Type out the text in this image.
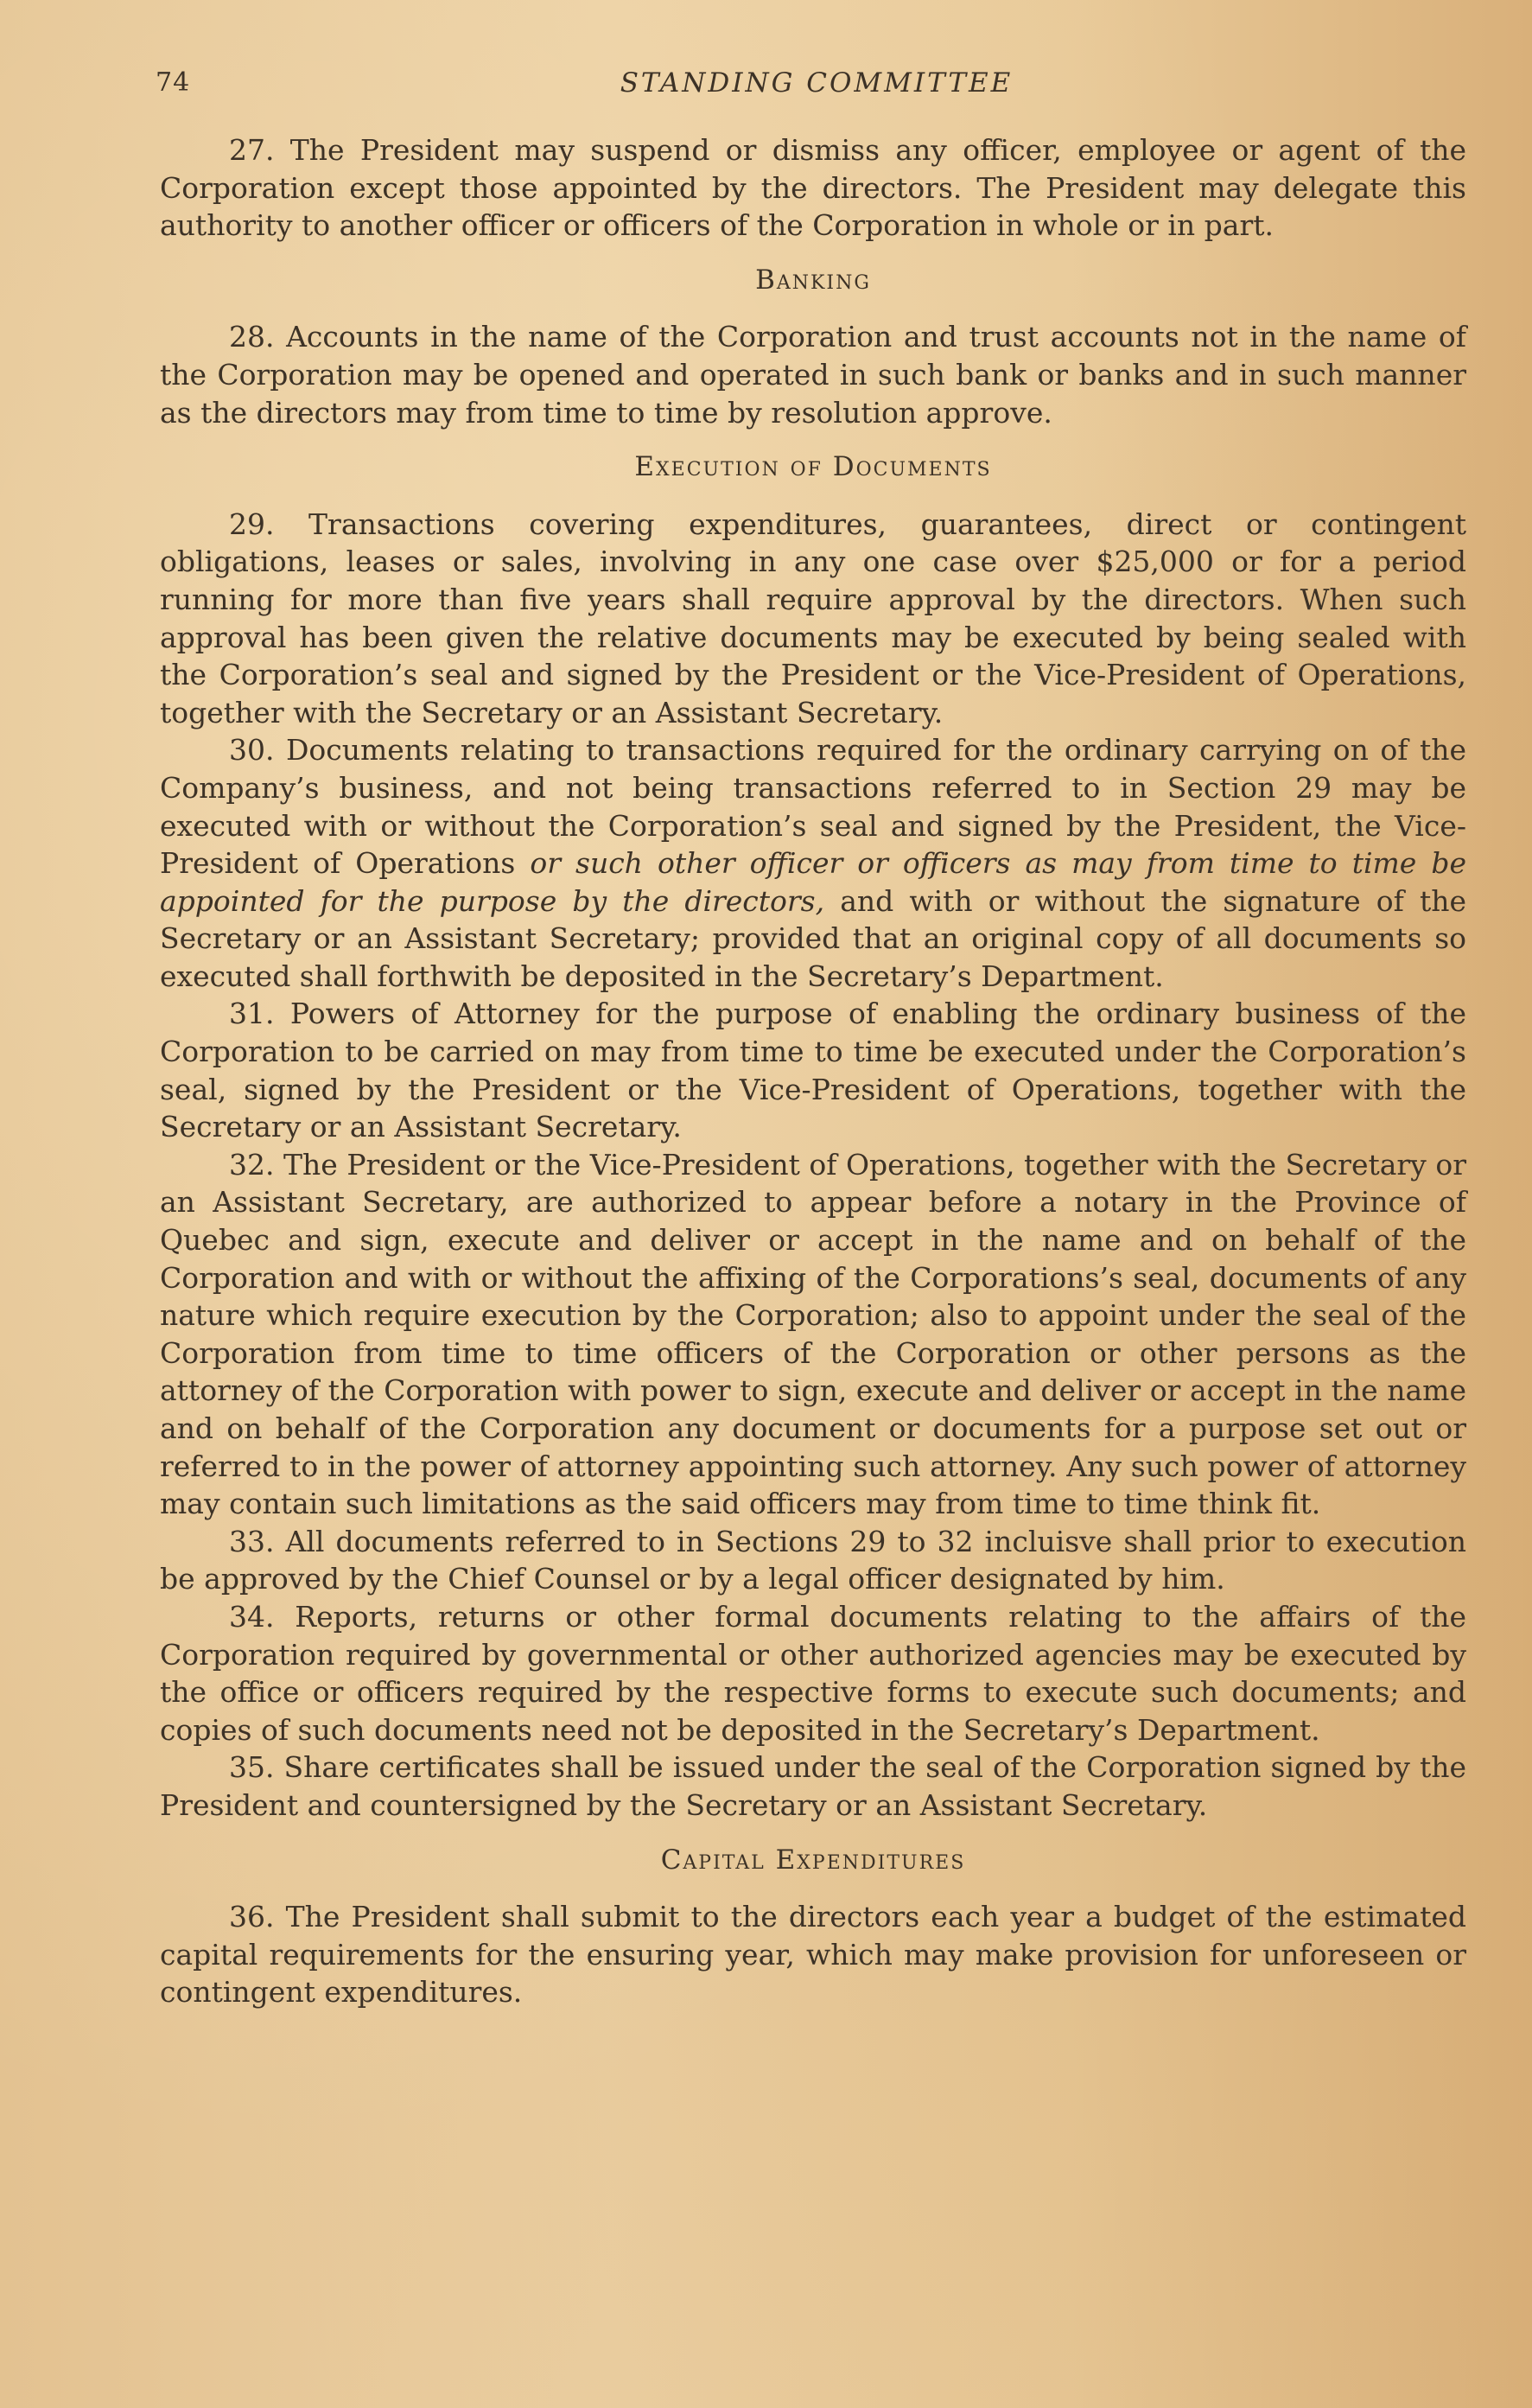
74	STANDING COMMITTEE

27. The President may suspend or dismiss any officer, employee or agent of the Corporation except those appointed by the directors. The President may delegate this authority to another officer or officers of the Corporation in whole or in part.

Banking

28. Accounts in the name of the Corporation and trust accounts not in the name of the Corporation may be opened and operated in such bank or banks and in such manner as the directors may from time to time by resolution approve.

Execution of Documents

29. Transactions covering expenditures, guarantees, direct or contingent obligations, leases or sales, involving in any one case over $25,000 or for a period running for more than five years shall require approval by the directors. When such approval has been given the relative documents may be executed by being sealed with the Corporation’s seal and signed by the President or the Vice-President of Operations, together with the Secretary or an Assistant Secretary.

30. Documents relating to transactions required for the ordinary carrying on of the Company’s business, and not being transactions referred to in Section 29 may be executed with or without the Corporation’s seal and signed by the President, the Vice-President of Operations or such other officer or officers as may from time to time be appointed for the purpose by the directors, and with or without the signature of the Secretary or an Assistant Secretary; provided that an original copy of all documents so executed shall forthwith be deposited in the Secretary’s Department.

31. Powers of Attorney for the purpose of enabling the ordinary business of the Corporation to be carried on may from time to time be executed under the Corporation’s seal, signed by the President or the Vice-President of Operations, together with the Secretary or an Assistant Secretary.

32. The President or the Vice-President of Operations, together with the Secretary or an Assistant Secretary, are authorized to appear before a notary in the Province of Quebec and sign, execute and deliver or accept in the name and on behalf of the Corporation and with or without the affixing of the Corporations’s seal, documents of any nature which require execution by the Corporation; also to appoint under the seal of the Corporation from time to time officers of the Corporation or other persons as the attorney of the Corporation with power to sign, execute and deliver or accept in the name and on behalf of the Corporation any document or documents for a purpose set out or referred to in the power of attorney appointing such attorney. Any such power of attorney may contain such limitations as the said officers may from time to time think fit.

33. All documents referred to in Sections 29 to 32 incluisve shall prior to execution be approved by the Chief Counsel or by a legal officer designated by him.

34. Reports, returns or other formal documents relating to the affairs of the Corporation required by governmental or other authorized agencies may be executed by the office or officers required by the respective forms to execute such documents; and copies of such documents need not be deposited in the Secretary’s Department.

35. Share certificates shall be issued under the seal of the Corporation signed by the President and countersigned by the Secretary or an Assistant Secretary.

Capital Expenditures

36. The President shall submit to the directors each year a budget of the estimated capital requirements for the ensuring year, which may make provision for unforeseen or contingent expenditures.
